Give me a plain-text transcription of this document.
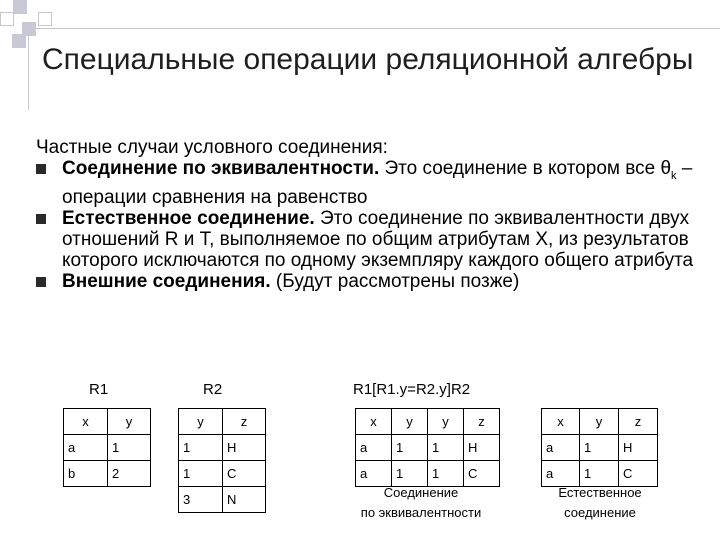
Специальные операции реляционной алгебры

Частные случаи условного соединения:

Соединение по эквивалентности. Это соединение в котором все $\theta_k$ – операции сравнения на равенство
Естественное соединение. Это соединение по эквивалентности двух отношений R и T, выполняемое по общим атрибутам X, из результатов которого исключаются по одному экземпляру каждого общего атрибута
Внешние соединения. (Будут рассмотрены позже)
R1	R2	R1[R1.y=R2.y]R2
x	y
a	1
b	2
y	z
1	H
1	C
3	N
x	y	y	z
a	1	1	H
a	1	1	C
Соединение
по эквивалентности
x	y	z
a	1	H
a	1	C
Естественное
соединение
